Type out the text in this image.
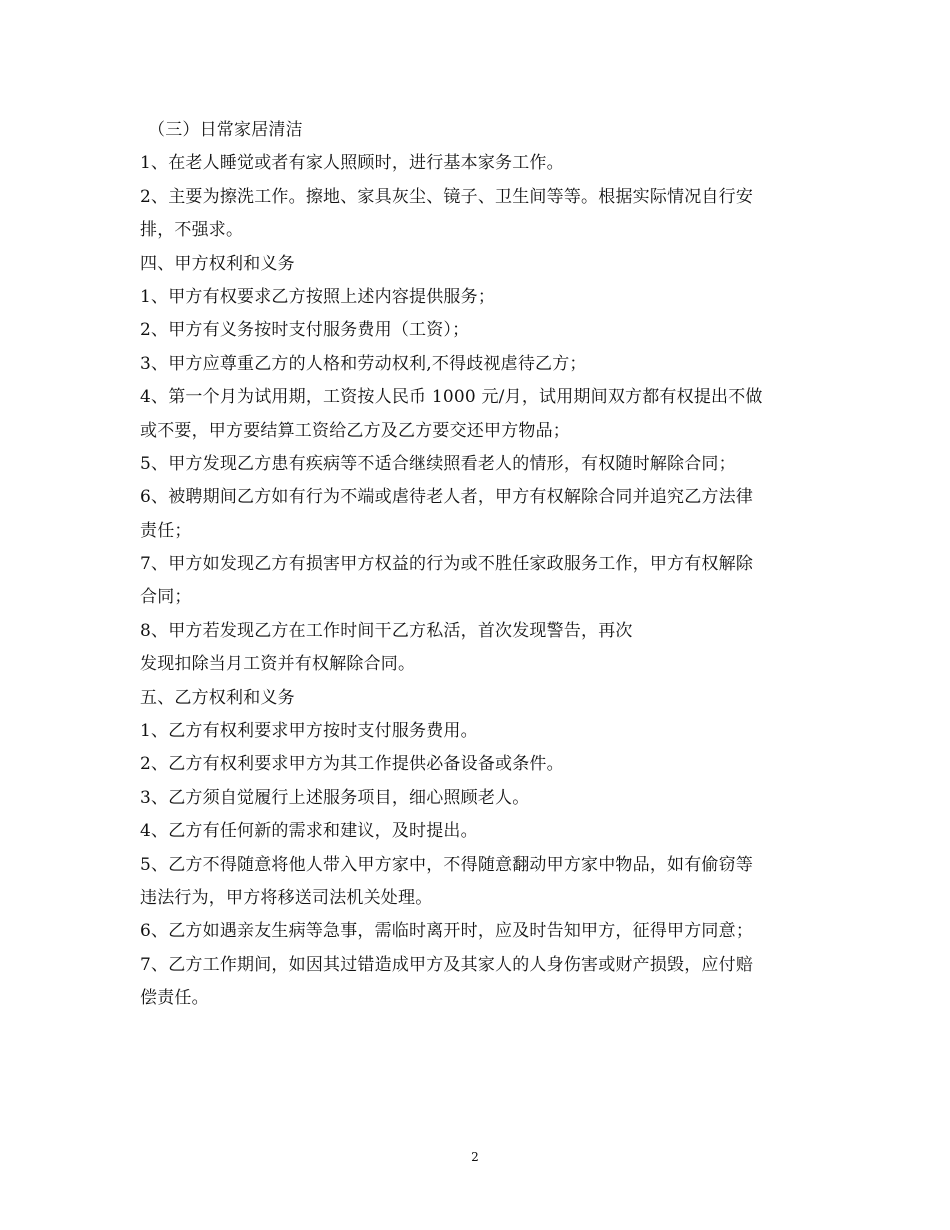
（三）日常家居清洁
1、在老人睡觉或者有家人照顾时，进行基本家务工作。
2、主要为擦洗工作。擦地、家具灰尘、镜子、卫生间等等。根据实际情况自行安
排，不强求。
四、甲方权利和义务
1、甲方有权要求乙方按照上述内容提供服务；
2、甲方有义务按时支付服务费用（工资）；
3、甲方应尊重乙方的人格和劳动权利,不得歧视虐待乙方；
4、第一个月为试用期，工资按人民币 1000 元/月，试用期间双方都有权提出不做
或不要，甲方要结算工资给乙方及乙方要交还甲方物品；
5、甲方发现乙方患有疾病等不适合继续照看老人的情形，有权随时解除合同；
6、被聘期间乙方如有行为不端或虐待老人者，甲方有权解除合同并追究乙方法律
责任；
7、甲方如发现乙方有损害甲方权益的行为或不胜任家政服务工作，甲方有权解除
合同；
8、甲方若发现乙方在工作时间干乙方私活，首次发现警告，再次
发现扣除当月工资并有权解除合同。
五、乙方权利和义务
1、乙方有权利要求甲方按时支付服务费用。
2、乙方有权利要求甲方为其工作提供必备设备或条件。
3、乙方须自觉履行上述服务项目，细心照顾老人。
4、乙方有任何新的需求和建议，及时提出。
5、乙方不得随意将他人带入甲方家中，不得随意翻动甲方家中物品，如有偷窃等
违法行为，甲方将移送司法机关处理。
6、乙方如遇亲友生病等急事，需临时离开时，应及时告知甲方，征得甲方同意；
7、乙方工作期间，如因其过错造成甲方及其家人的人身伤害或财产损毁，应付赔
偿责任。
2
